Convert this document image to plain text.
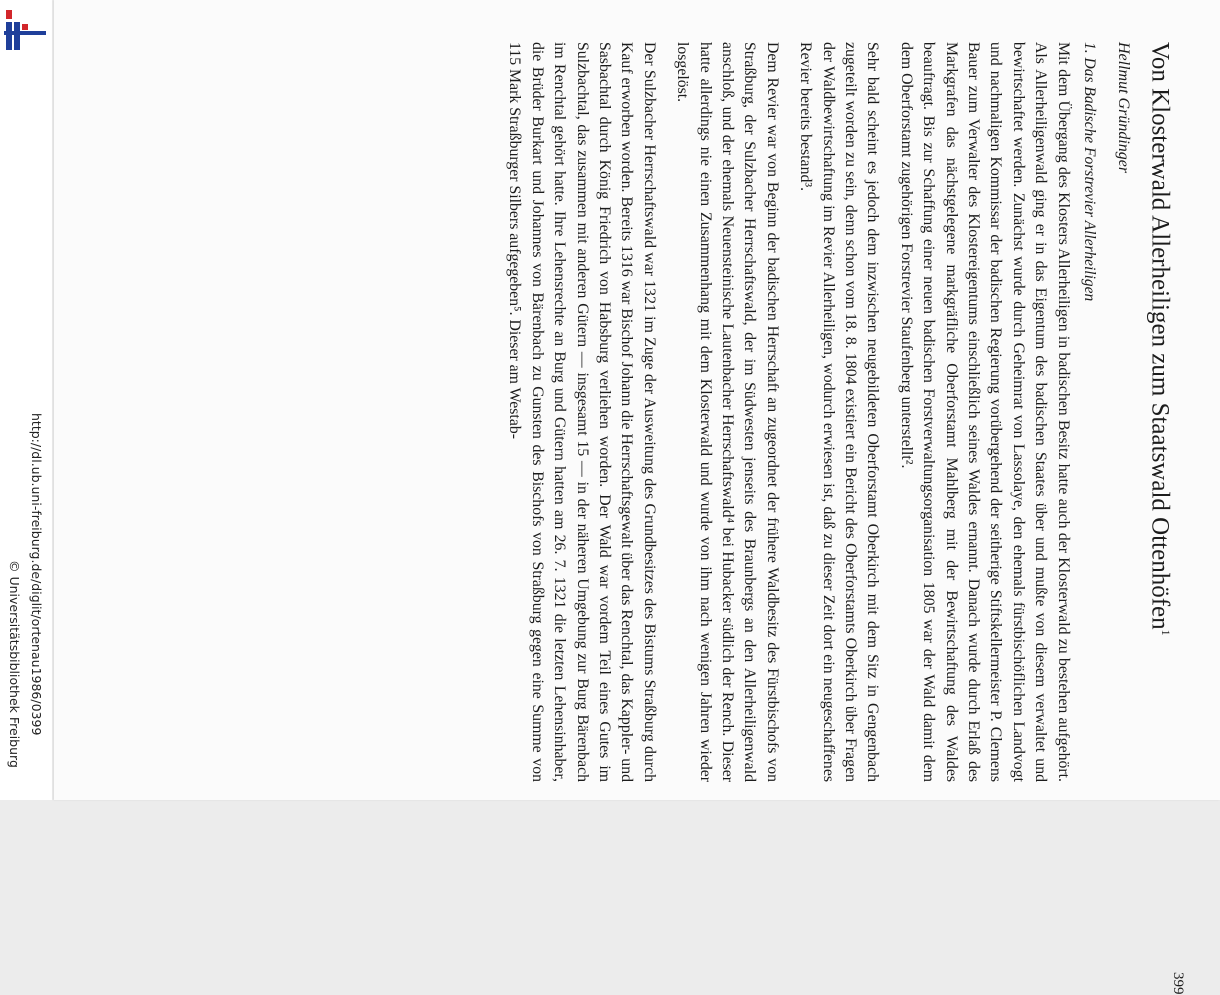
http://dl.ub.uni-freiburg.de/diglit/ortenau1986/0399
© Universitätsbibliothek Freiburg
399
Von Klosterwald Allerheiligen zum Staatswald Ottenhöfen$^1$

Hellmut Gründinger

1. Das Badische Forstrevier Allerheiligen

Mit dem Übergang des Klosters Allerheiligen in badischen Besitz hatte auch der Klosterwald zu bestehen aufgehört. Als Allerheiligenwald ging er in das Eigentum des badischen Staates über und mußte von diesem verwaltet und bewirtschaftet werden. Zunächst wurde durch Geheimrat von Lassolaye, den ehemals fürstbischöflichen Landvogt und nachmaligen Kommissar der badischen Regierung vorübergehend der seitherige Stiftskellermeister P. Clemens Bauer zum Verwalter des Klostereigentums einschließlich seines Waldes ernannt. Danach wurde durch Erlaß des Markgrafen das nächstgelegene markgräfliche Oberforstamt Mahlberg mit der Bewirtschaftung des Waldes beauftragt. Bis zur Schaffung einer neuen badischen Forstverwaltungsorganisation 1805 war der Wald damit dem dem Oberforstamt zugehörigen Forstrevier Staufenberg unterstellt².

Sehr bald scheint es jedoch dem inzwischen neugebildeten Oberforstamt Oberkirch mit dem Sitz in Gengenbach zugeteilt worden zu sein, denn schon vom 18. 8. 1804 existiert ein Bericht des Oberforstamts Oberkirch über Fragen der Waldbewirtschaftung im Revier Allerheiligen, wodurch erwiesen ist, daß zu dieser Zeit dort ein neugeschaffenes Revier bereits bestand³.

Dem Revier war von Beginn der badischen Herrschaft an zugeordnet der frühere Waldbesitz des Fürstbischofs von Straßburg, der Sulzbacher Herrschaftswald, der im Südwesten jenseits des Braunbergs an den Allerheiligenwald anschloß, und der ehemals Neuensteinische Lautenbacher Herrschaftswald⁴ bei Hubacker südlich der Rench. Dieser hatte allerdings nie einen Zusammenhang mit dem Klosterwald und wurde von ihm nach wenigen Jahren wieder losgelöst.

Der Sulzbacher Herrschaftswald war 1321 im Zuge der Ausweitung des Grundbesitzes des Bistums Straßburg durch Kauf erworben worden. Bereits 1316 war Bischof Johann die Herrschaftsgewalt über das Renchtal, das Kappler- und Sasbachtal durch König Friedrich von Habsburg verliehen worden. Der Wald war vordem Teil eines Gutes im Sulzbachtal, das zusammen mit anderen Gütern — insgesamt 15 — in der näheren Umgebung zur Burg Bärenbach im Renchtal gehört hatte. Ihre Lehensrechte an Burg und Gütern hatten am 26. 7. 1321 die letzten Lehensinhaber, die Brüder Burkart und Johannes von Bärenbach zu Gunsten des Bischofs von Straßburg gegen eine Summe von 115 Mark Straßburger Silbers aufgegeben⁵. Dieser am Westab-
